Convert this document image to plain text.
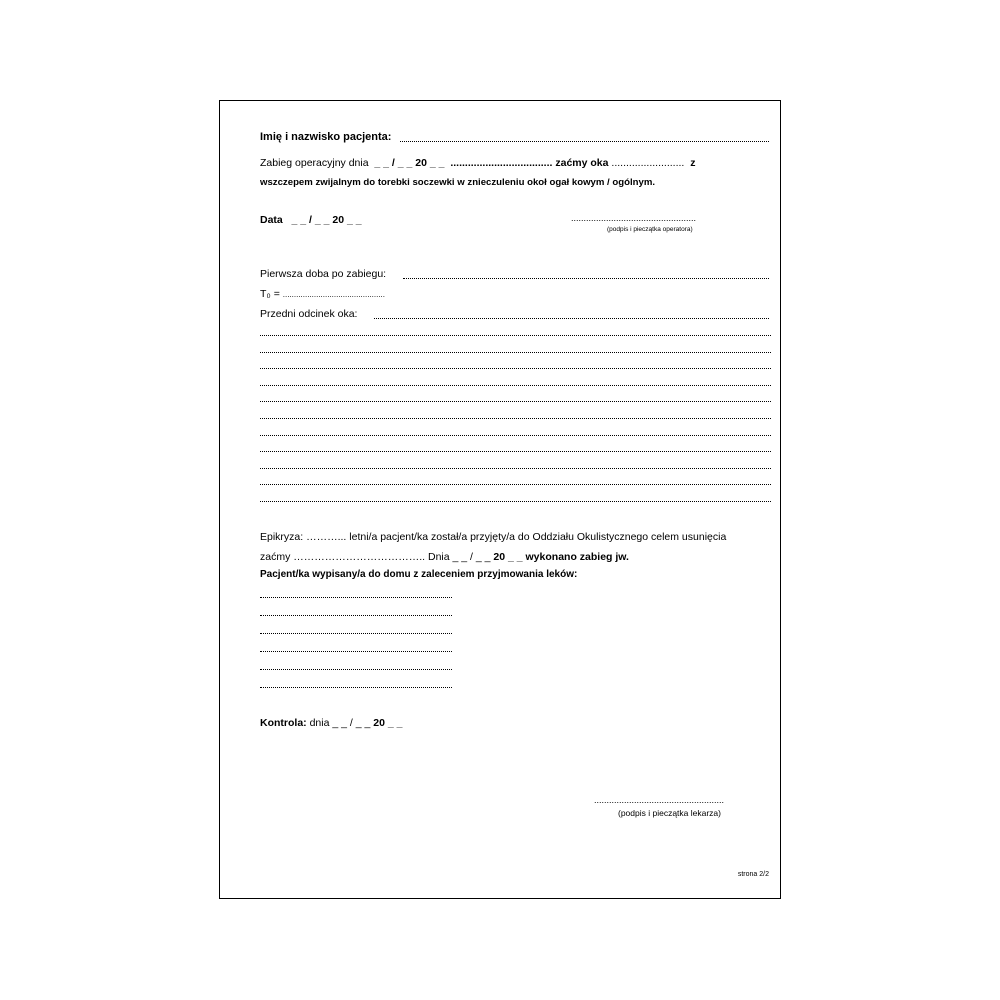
Imię i nazwisko pacjenta:
Zabieg operacyjny dnia _ _ / _ _ 20 _ _ ................................... zaćmy oka ......................... z
wszczepem zwijalnym do torebki soczewki w znieczuleniu okoł ogał kowym / ogólnym.
Data _ _ / _ _ 20 _ _	..................................................
(podpis i pieczątka operatora)
Pierwsza doba po zabiegu:
T₀ = ..............................................
Przedni odcinek oka:
Epikryza: ………... letni/a pacjent/ka został/a przyjęty/a do Oddziału Okulistycznego celem usunięcia
zaćmy ……………………………….. Dnia _ _ / _ _ 20 _ _ wykonano zabieg jw.
Pacjent/ka wypisany/a do domu z zaleceniem przyjmowania leków:
Kontrola: dnia _ _ / _ _ 20 _ _
....................................................
(podpis i pieczątka lekarza)
strona 2/2
